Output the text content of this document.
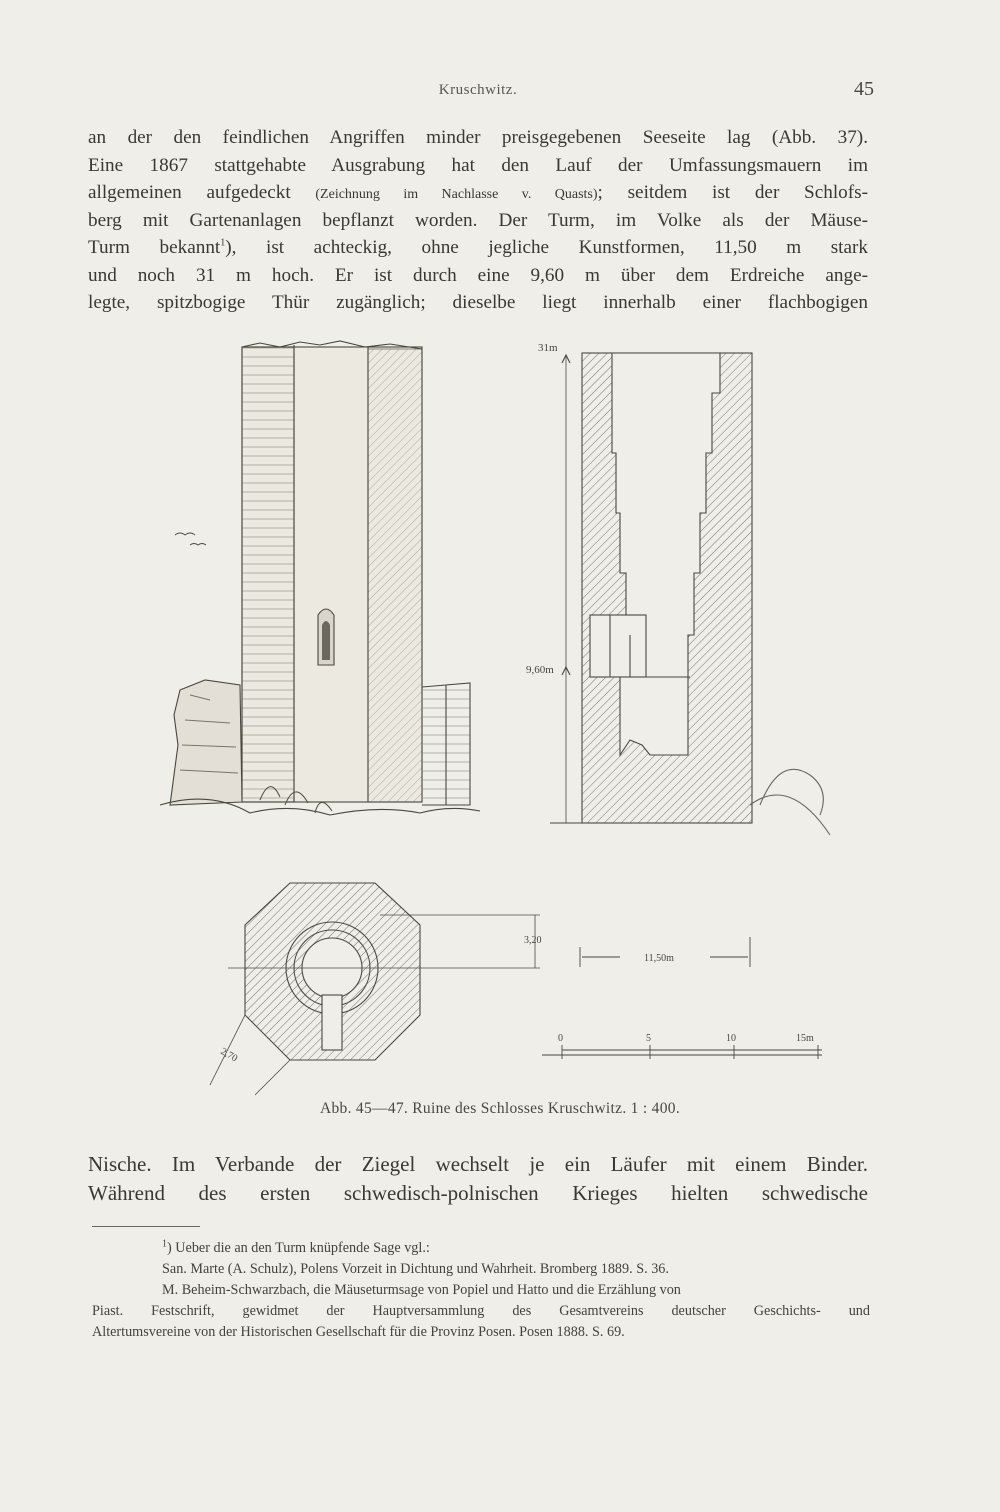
Kruschwitz.	45
an der den feindlichen Angriffen minder preisgegebenen Seeseite lag (Abb. 37).
Eine 1867 stattgehabte Ausgrabung hat den Lauf der Umfassungsmauern im
allgemeinen aufgedeckt (Zeichnung im Nachlasse v. Quasts); seitdem ist der Schlofs-
berg mit Gartenanlagen bepflanzt worden. Der Turm, im Volke als der Mäuse-
Turm bekannt$^1$), ist achteckig, ohne jegliche Kunstformen, 11,50 m stark
und noch 31 m hoch. Er ist durch eine 9,60 m über dem Erdreiche ange-
legte, spitzbogige Thür zugänglich; dieselbe liegt innerhalb einer flachbogigen
31m
9,60m
3,20
2,70
11,50m
0	5	10	15m
Abb. 45—47. Ruine des Schlosses Kruschwitz. 1 : 400.
Nische. Im Verbande der Ziegel wechselt je ein Läufer mit einem Binder.
Während des ersten schwedisch-polnischen Krieges hielten schwedische
$^1$) Ueber die an den Turm knüpfende Sage vgl.:
San. Marte (A. Schulz), Polens Vorzeit in Dichtung und Wahrheit. Bromberg 1889. S. 36.
M. Beheim-Schwarzbach, die Mäuseturmsage von Popiel und Hatto und die Erzählung von
Piast. Festschrift, gewidmet der Hauptversammlung des Gesamtvereins deutscher Geschichts- und
Altertumsvereine von der Historischen Gesellschaft für die Provinz Posen. Posen 1888. S. 69.
